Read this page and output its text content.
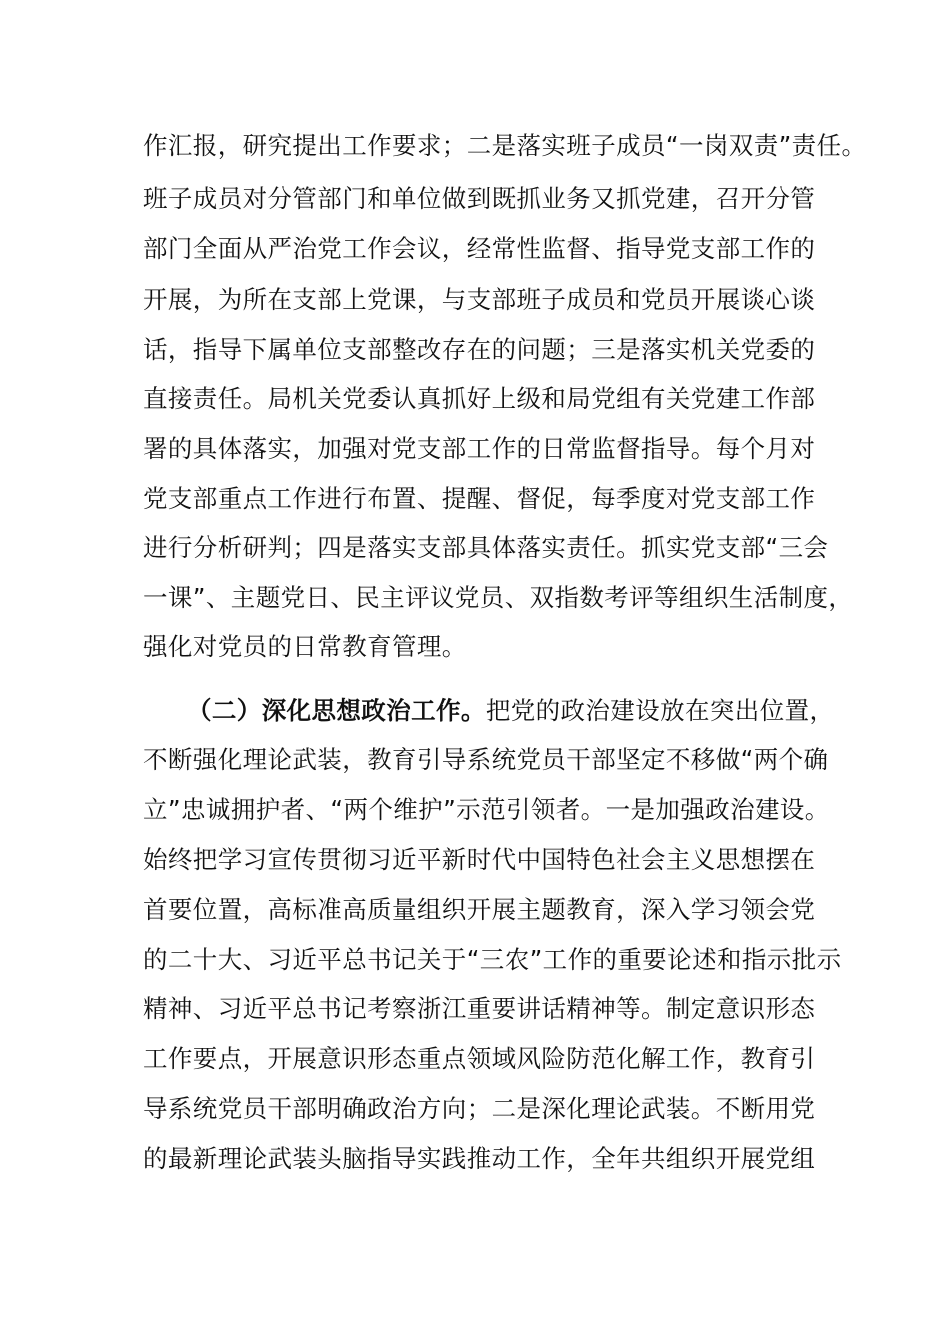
作汇报，研究提出工作要求；二是落实班子成员“一岗双责”责任。
班子成员对分管部门和单位做到既抓业务又抓党建，召开分管
部门全面从严治党工作会议，经常性监督、指导党支部工作的
开展，为所在支部上党课，与支部班子成员和党员开展谈心谈
话，指导下属单位支部整改存在的问题；三是落实机关党委的
直接责任。局机关党委认真抓好上级和局党组有关党建工作部
署的具体落实，加强对党支部工作的日常监督指导。每个月对
党支部重点工作进行布置、提醒、督促，每季度对党支部工作
进行分析研判；四是落实支部具体落实责任。抓实党支部“三会
一课”、主题党日、民主评议党员、双指数考评等组织生活制度，
强化对党员的日常教育管理。
（二）深化思想政治工作。把党的政治建设放在突出位置，
不断强化理论武装，教育引导系统党员干部坚定不移做“两个确
立”忠诚拥护者、“两个维护”示范引领者。一是加强政治建设。
始终把学习宣传贯彻习近平新时代中国特色社会主义思想摆在
首要位置，高标准高质量组织开展主题教育，深入学习领会党
的二十大、习近平总书记关于“三农”工作的重要论述和指示批示
精神、习近平总书记考察浙江重要讲话精神等。制定意识形态
工作要点，开展意识形态重点领域风险防范化解工作，教育引
导系统党员干部明确政治方向；二是深化理论武装。不断用党
的最新理论武装头脑指导实践推动工作，全年共组织开展党组
